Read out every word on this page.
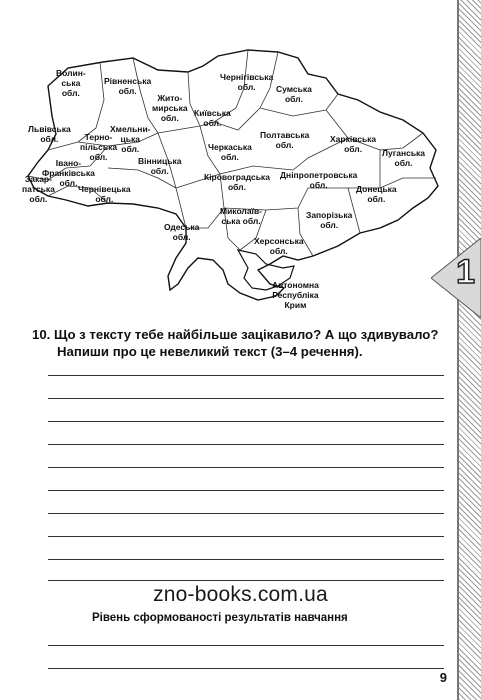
1
Волин-
ська
обл.
Рівненська
обл.
Жито-
мирська
обл.
Чернігівська
обл.	Сумська
обл.
Київська
обл.
Львівська
обл.	Терно-
пільська
обл.
Хмельни-
цька
обл.
Полтавська
обл.
Харківська
обл.
Черкаська
обл.	Луганська
обл.
Вінницька
обл.
Івано-
Франківська
обл.
Закар-
патська
обл.
Чернівецька
обл.
Кіровоградська
обл.
Дніпропетровська
обл.	Донецька
обл.
Одеська
обл.
Миколаїв-
ська обл.
Запорізька
обл.
Херсонська
обл.
Автономна
Республіка
Крим
10. Що з тексту тебе найбільше зацікавило? А що здивувало?
Напиши про це невеликий текст (3–4 речення).
zno-books.com.ua
Рівень сформованості результатів навчання
9
